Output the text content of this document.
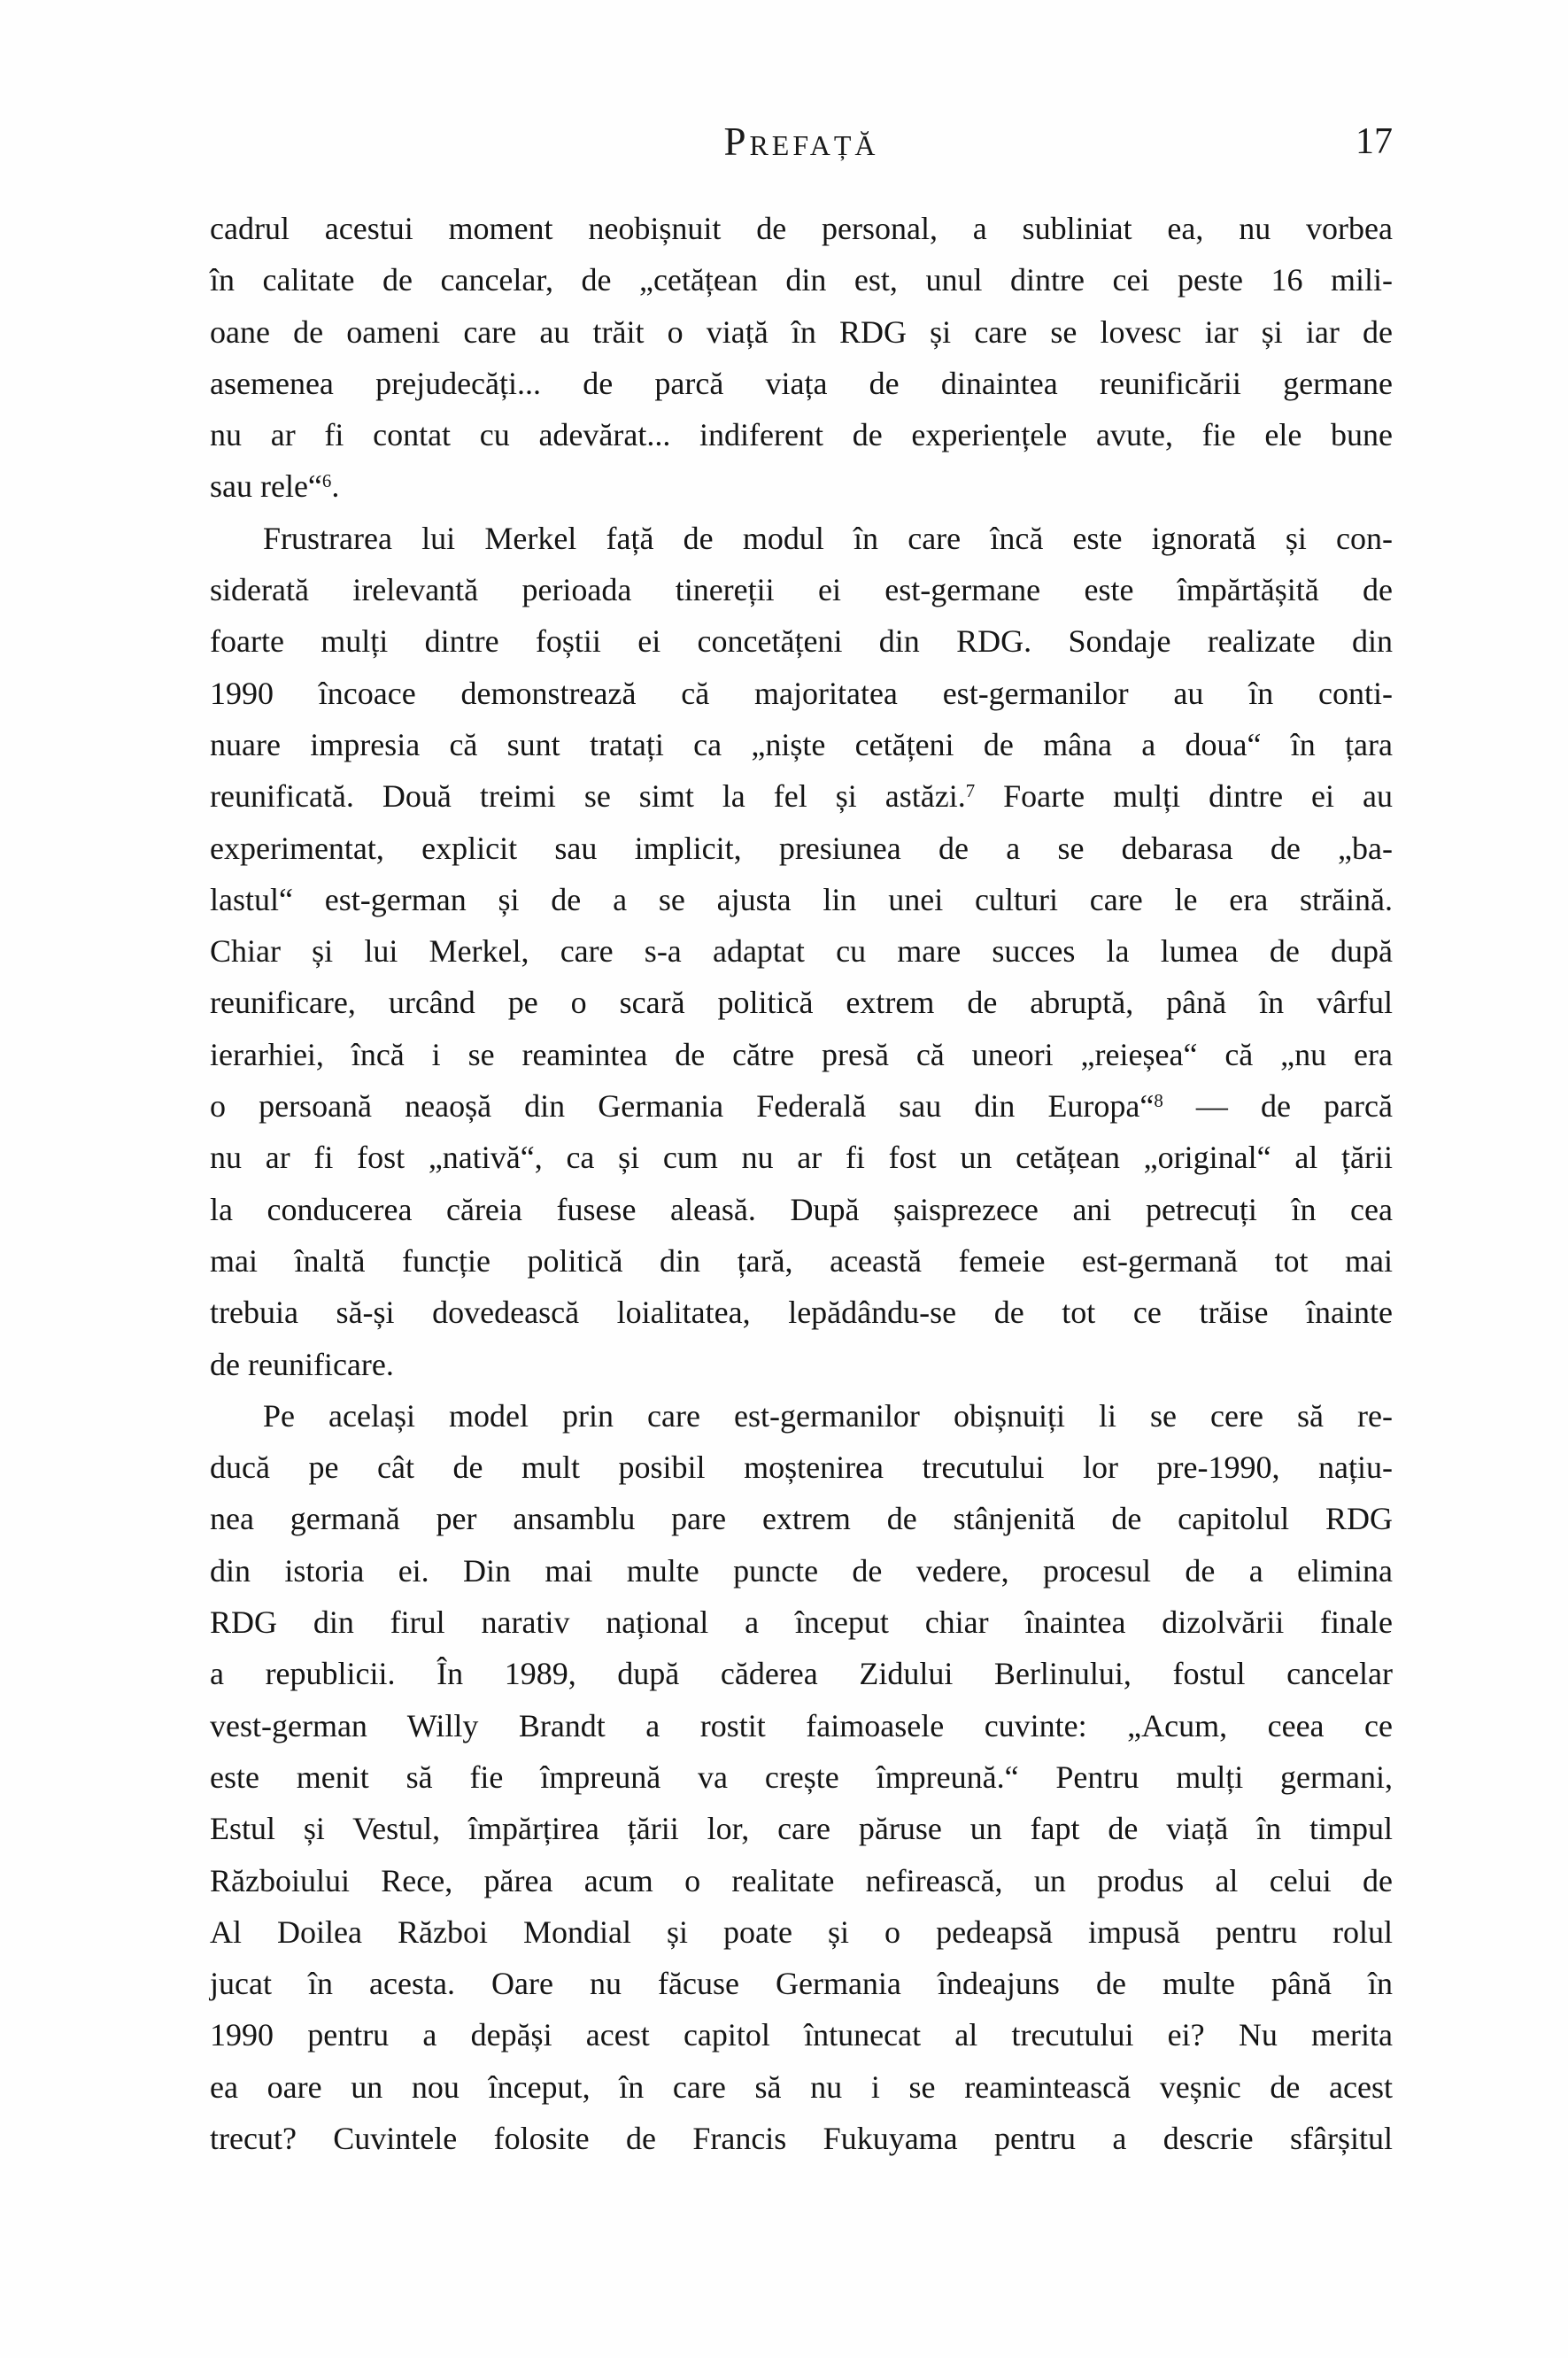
Prefață	17
cadrul acestui moment neobișnuit de personal, a subliniat ea, nu vorbea
în calitate de cancelar, de „cetățean din est, unul dintre cei peste 16 mili-
oane de oameni care au trăit o viață în RDG și care se lovesc iar și iar de
asemenea prejudecăți... de parcă viața de dinaintea reunificării germane
nu ar fi contat cu adevărat... indiferent de experiențele avute, fie ele bune
sau rele“$^6$.
Frustrarea lui Merkel față de modul în care încă este ignorată și con-
siderată irelevantă perioada tinereții ei est-germane este împărtășită de
foarte mulți dintre foștii ei concetățeni din RDG. Sondaje realizate din
1990 încoace demonstrează că majoritatea est-germanilor au în conti-
nuare impresia că sunt tratați ca „niște cetățeni de mâna a doua“ în țara
reunificată. Două treimi se simt la fel și astăzi.$^7$ Foarte mulți dintre ei au
experimentat, explicit sau implicit, presiunea de a se debarasa de „ba-
lastul“ est-german și de a se ajusta lin unei culturi care le era străină.
Chiar și lui Merkel, care s-a adaptat cu mare succes la lumea de după
reunificare, urcând pe o scară politică extrem de abruptă, până în vârful
ierarhiei, încă i se reamintea de către presă că uneori „reieșea“ că „nu era
o persoană neaoșă din Germania Federală sau din Europa“$^8$ — de parcă
nu ar fi fost „nativă“, ca și cum nu ar fi fost un cetățean „original“ al țării
la conducerea căreia fusese aleasă. După șaisprezece ani petrecuți în cea
mai înaltă funcție politică din țară, această femeie est-germană tot mai
trebuia să-și dovedească loialitatea, lepădându-se de tot ce trăise înainte
de reunificare.
Pe același model prin care est-germanilor obișnuiți li se cere să re-
ducă pe cât de mult posibil moștenirea trecutului lor pre-1990, națiu-
nea germană per ansamblu pare extrem de stânjenită de capitolul RDG
din istoria ei. Din mai multe puncte de vedere, procesul de a elimina
RDG din firul narativ național a început chiar înaintea dizolvării finale
a republicii. În 1989, după căderea Zidului Berlinului, fostul cancelar
vest-german Willy Brandt a rostit faimoasele cuvinte: „Acum, ceea ce
este menit să fie împreună va crește împreună.“ Pentru mulți germani,
Estul și Vestul, împărțirea țării lor, care păruse un fapt de viață în timpul
Războiului Rece, părea acum o realitate nefirească, un produs al celui de
Al Doilea Război Mondial și poate și o pedeapsă impusă pentru rolul
jucat în acesta. Oare nu făcuse Germania îndeajuns de multe până în
1990 pentru a depăși acest capitol întunecat al trecutului ei? Nu merita
ea oare un nou început, în care să nu i se reamintească veșnic de acest
trecut? Cuvintele folosite de Francis Fukuyama pentru a descrie sfârșitul
